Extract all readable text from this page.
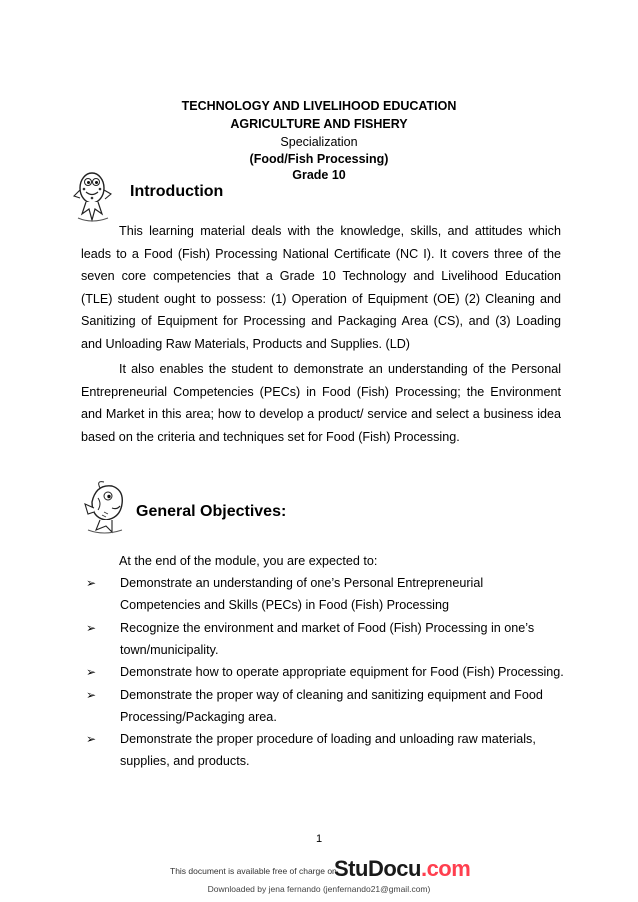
TECHNOLOGY AND LIVELIHOOD EDUCATION
AGRICULTURE AND FISHERY
Specialization
(Food/Fish Processing)
Grade 10
Introduction

This learning material deals with the knowledge, skills, and attitudes which leads to a Food (Fish) Processing National Certificate (NC I). It covers three of the seven core competencies that a Grade 10 Technology and Livelihood Education (TLE) student ought to possess: (1) Operation of Equipment (OE) (2) Cleaning and Sanitizing of Equipment for Processing and Packaging Area (CS), and (3) Loading and Unloading Raw Materials, Products and Supplies. (LD)

It also enables the student to demonstrate an understanding of the Personal Entrepreneurial Competencies (PECs) in Food (Fish) Processing; the Environment and Market in this area; how to develop a product/ service and select a business idea based on the criteria and techniques set for Food (Fish) Processing.

General Objectives:
At the end of the module, you are expected to:
➢ Demonstrate an understanding of one’s Personal Entrepreneurial Competencies and Skills (PECs) in Food (Fish) Processing
➢ Recognize the environment and market of Food (Fish) Processing in one’s town/municipality.
➢ Demonstrate how to operate appropriate equipment for Food (Fish) Processing.
➢ Demonstrate the proper way of cleaning and sanitizing equipment and Food Processing/Packaging area.
➢ Demonstrate the proper procedure of loading and unloading raw materials, supplies, and products.
1
This document is available free of charge on
StuDocu.com
Downloaded by jena fernando (jenfernando21@gmail.com)
